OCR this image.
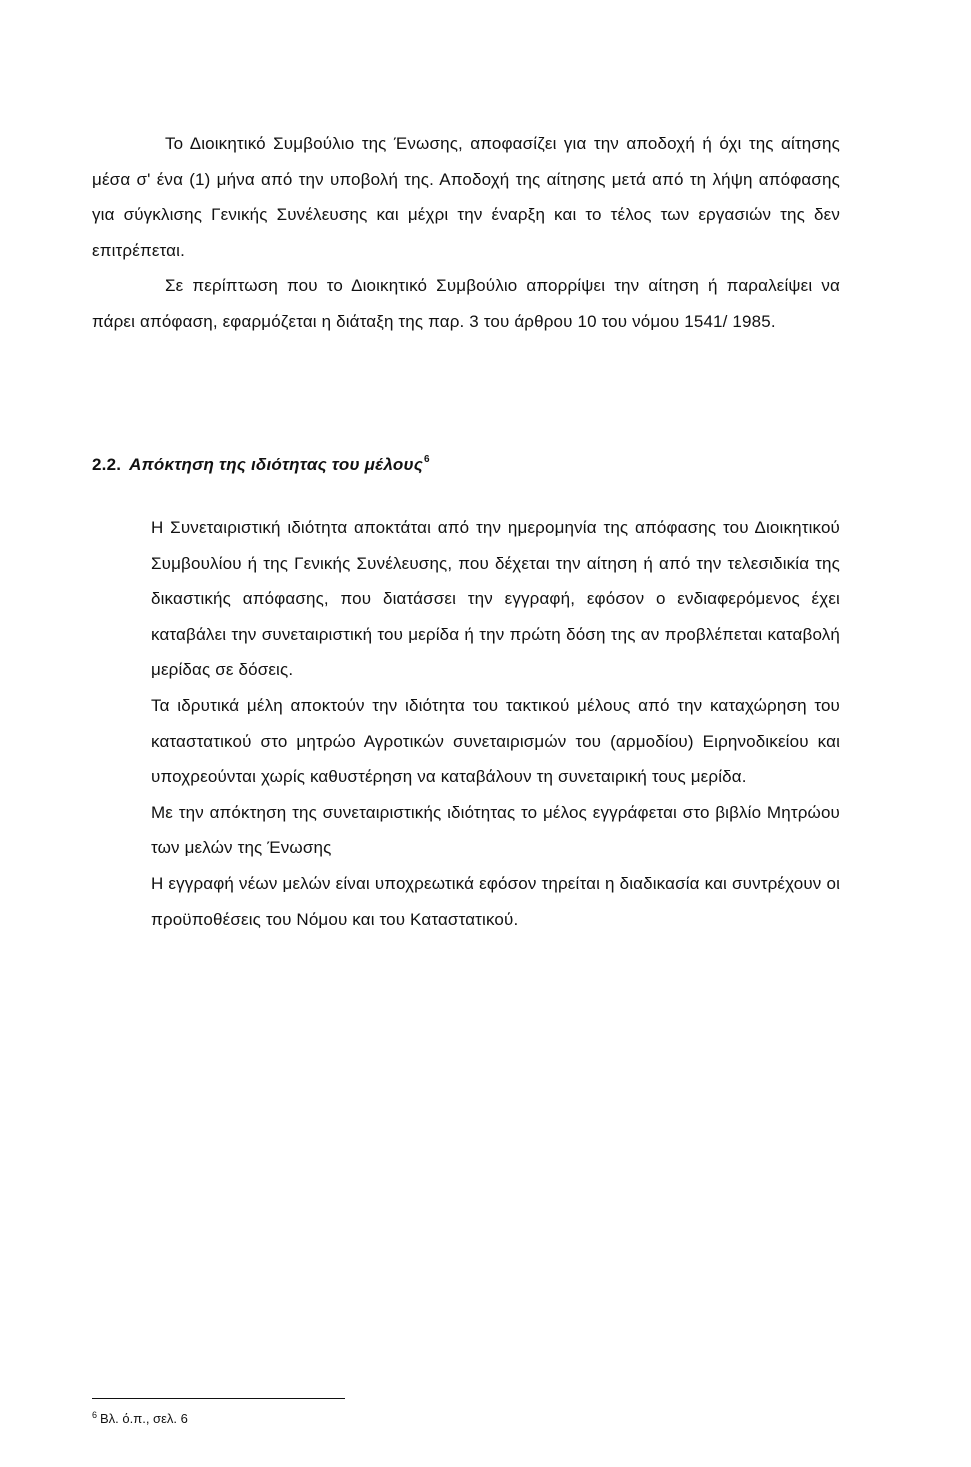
Το Διοικητικό Συμβούλιο της Ένωσης, αποφασίζει για την αποδοχή ή όχι της αίτησης μέσα σ' ένα (1) μήνα από την υποβολή της. Αποδοχή της αίτησης μετά από τη λήψη απόφασης για σύγκλισης Γενικής Συνέλευσης και μέχρι την έναρξη και το τέλος των εργασιών της δεν επιτρέπεται.

Σε περίπτωση που το Διοικητικό Συμβούλιο απορρίψει την αίτηση ή παραλείψει να πάρει απόφαση, εφαρμόζεται η διάταξη της παρ. 3 του άρθρου 10 του νόμου 1541/ 1985.

2.2. Απόκτηση της ιδιότητας του μέλους$^6$

Η Συνεταιριστική ιδιότητα αποκτάται από την ημερομηνία της απόφασης του Διοικητικού Συμβουλίου ή της Γενικής Συνέλευσης, που δέχεται την αίτηση ή από την τελεσιδικία της δικαστικής απόφασης, που διατάσσει την εγγραφή, εφόσον ο ενδιαφερόμενος έχει καταβάλει την συνεταιριστική του μερίδα ή την πρώτη δόση της αν προβλέπεται καταβολή μερίδας σε δόσεις.

Τα ιδρυτικά μέλη αποκτούν την ιδιότητα του τακτικού μέλους από την καταχώρηση του καταστατικού στο μητρώο Αγροτικών συνεταιρισμών του (αρμοδίου) Ειρηνοδικείου και υποχρεούνται χωρίς καθυστέρηση να καταβάλουν τη συνεταιρική τους μερίδα.

Με την απόκτηση της συνεταιριστικής ιδιότητας το μέλος εγγράφεται στο βιβλίο Μητρώου των μελών της Ένωσης

Η εγγραφή νέων μελών είναι υποχρεωτικά εφόσον τηρείται η διαδικασία και συντρέχουν οι προϋποθέσεις του Νόμου και του Καταστατικού.

$^6$ Βλ. ό.π., σελ. 6
